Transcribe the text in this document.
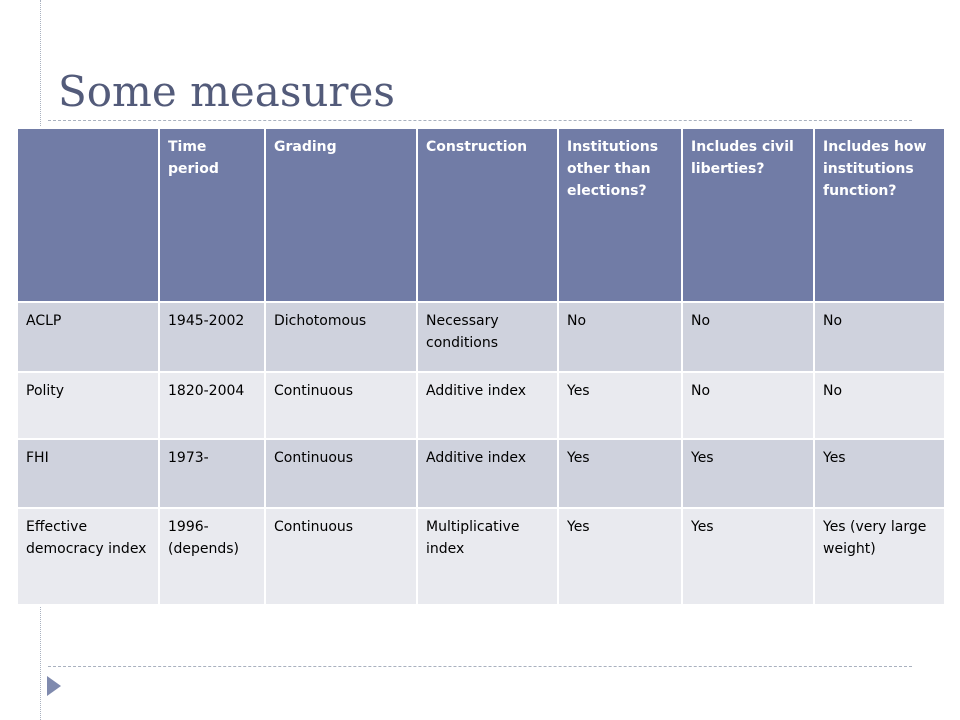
Some measures
	Time period	Grading	Construction	Institutions other than elections?	Includes civil liberties?	Includes how institutions function?
ACLP	1945-2002	Dichotomous	Necessary conditions	No	No	No
Polity	1820-2004	Continuous	Additive index	Yes	No	No
FHI	1973-	Continuous	Additive index	Yes	Yes	Yes
Effective democracy index	1996- (depends)	Continuous	Multiplicative index	Yes	Yes	Yes (very large weight)
